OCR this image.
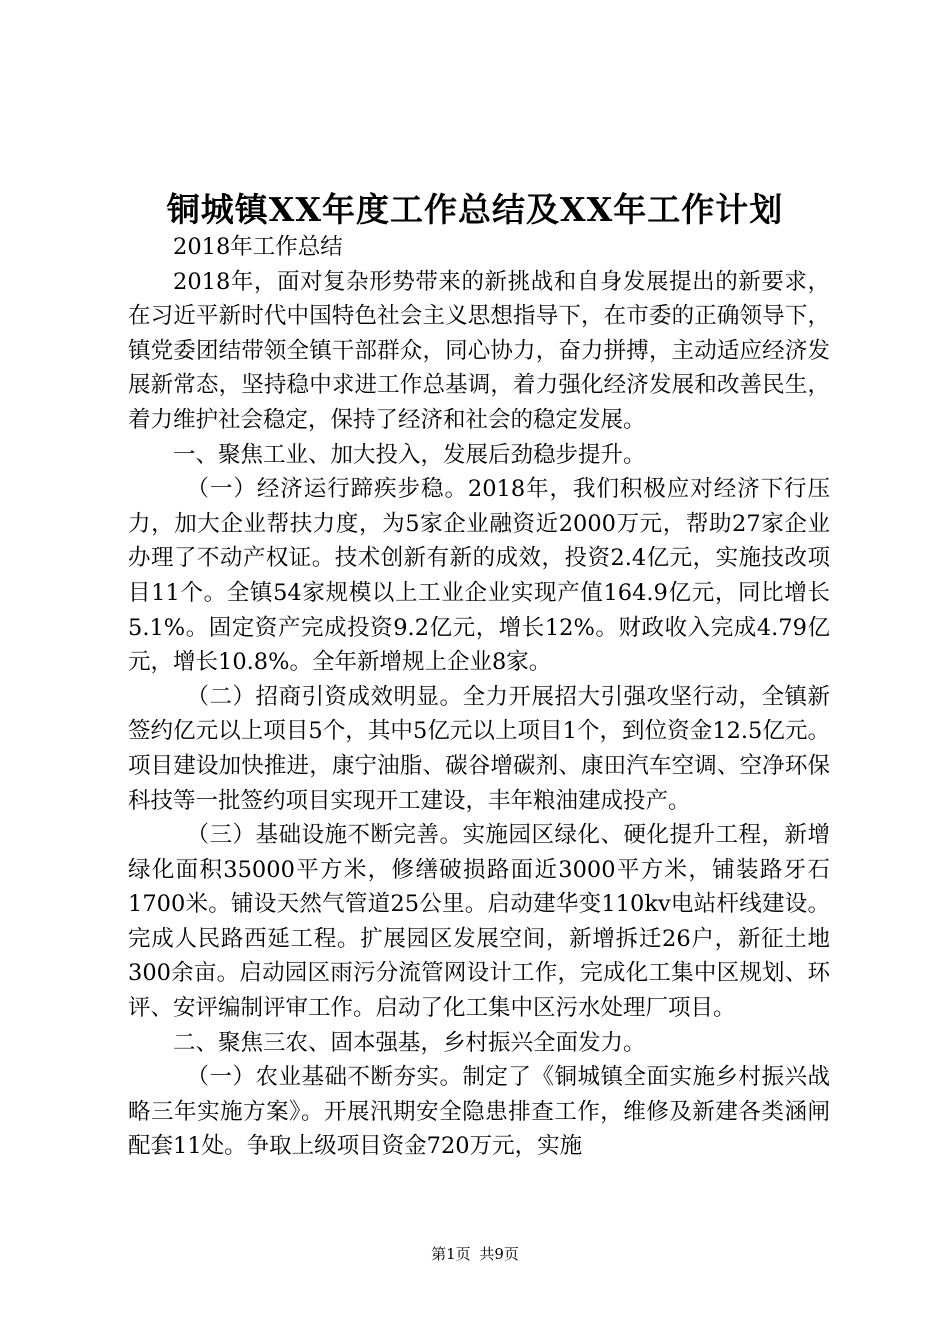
铜城镇XX年度工作总结及XX年工作计划

2018年工作总结

2018年，面对复杂形势带来的新挑战和自身发展提出的新要求，在习近平新时代中国特色社会主义思想指导下，在市委的正确领导下，镇党委团结带领全镇干部群众，同心协力，奋力拼搏，主动适应经济发展新常态，坚持稳中求进工作总基调，着力强化经济发展和改善民生，着力维护社会稳定，保持了经济和社会的稳定发展。

一、聚焦工业、加大投入，发展后劲稳步提升。

（一）经济运行蹄疾步稳。2018年，我们积极应对经济下行压力，加大企业帮扶力度，为5家企业融资近2000万元，帮助27家企业办理了不动产权证。技术创新有新的成效，投资2.4亿元，实施技改项目11个。全镇54家规模以上工业企业实现产值164.9亿元，同比增长5.1%。固定资产完成投资9.2亿元，增长12%。财政收入完成4.79亿元，增长10.8%。全年新增规上企业8家。

（二）招商引资成效明显。全力开展招大引强攻坚行动，全镇新签约亿元以上项目5个，其中5亿元以上项目1个，到位资金12.5亿元。项目建设加快推进，康宁油脂、碳谷增碳剂、康田汽车空调、空净环保科技等一批签约项目实现开工建设，丰年粮油建成投产。

（三）基础设施不断完善。实施园区绿化、硬化提升工程，新增绿化面积35000平方米，修缮破损路面近3000平方米，铺装路牙石1700米。铺设天然气管道25公里。启动建华变110kv电站杆线建设。完成人民路西延工程。扩展园区发展空间，新增拆迁26户，新征土地300余亩。启动园区雨污分流管网设计工作，完成化工集中区规划、环评、安评编制评审工作。启动了化工集中区污水处理厂项目。

二、聚焦三农、固本强基，乡村振兴全面发力。

（一）农业基础不断夯实。制定了《铜城镇全面实施乡村振兴战略三年实施方案》。开展汛期安全隐患排查工作，维修及新建各类涵闸配套11处。争取上级项目资金720万元，实施

第1页 共9页
